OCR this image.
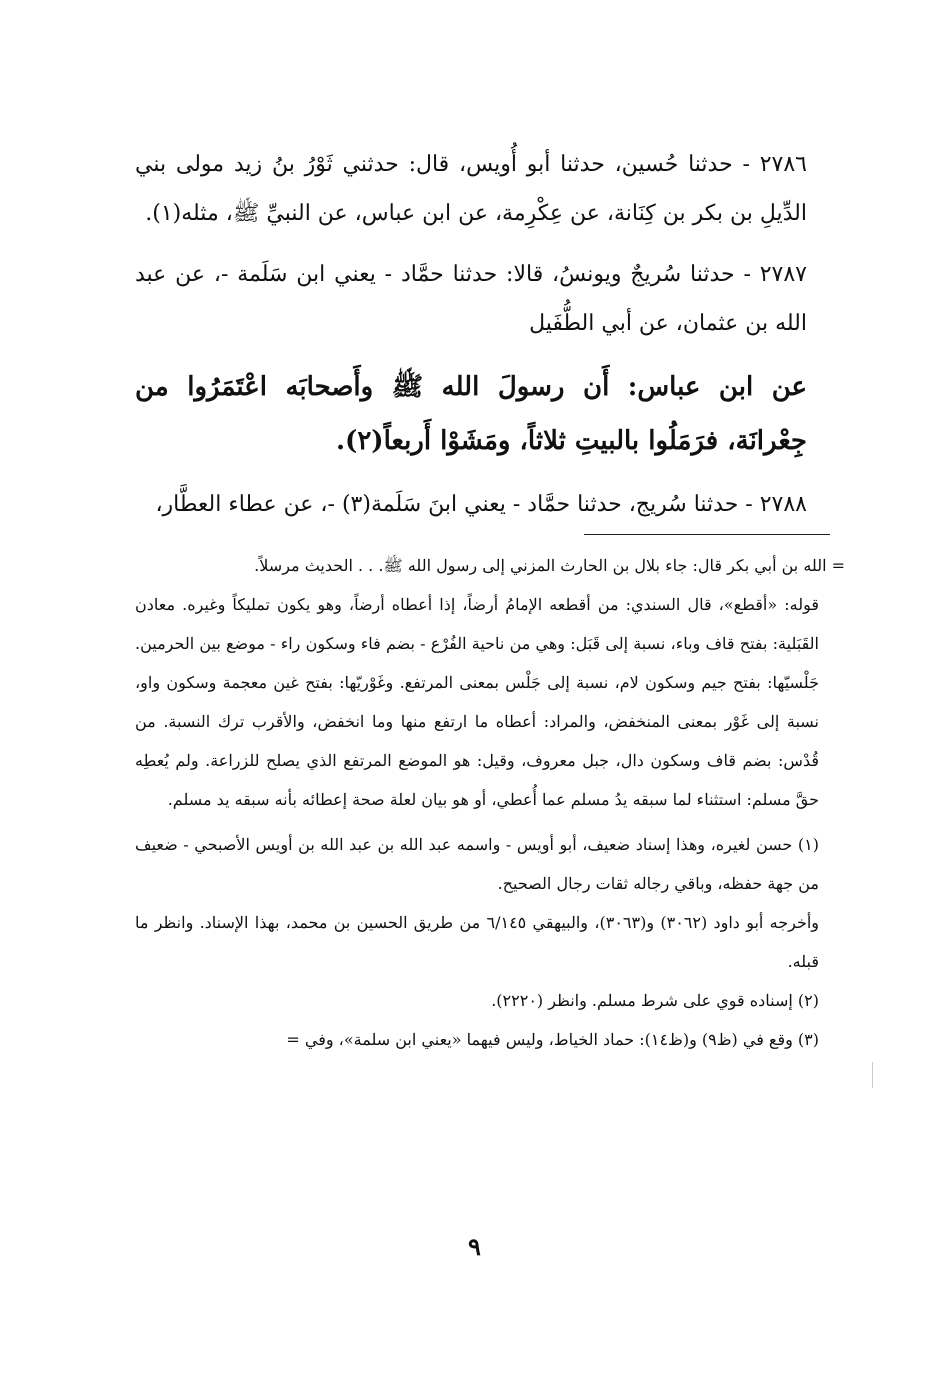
٢٧٨٦ - حدثنا حُسين، حدثنا أبو أُويس، قال: حدثني ثَوْرُ بنُ زيد مولى بني الدِّيلِ بن بكر بن كِنَانة، عن عِكْرِمة، عن ابن عباس، عن النبيِّ ﷺ، مثله(١).

٢٧٨٧ - حدثنا سُريجٌ ويونسُ، قالا: حدثنا حمَّاد - يعني ابن سَلَمة -، عن عبد الله بن عثمان، عن أبي الطُّفَيل

عن ابن عباس: أَن رسولَ الله ﷺ وأَصحابَه اعْتَمَرُوا من جِعْرانَة، فرَمَلُوا بالبيتِ ثلاثاً، ومَشَوْا أَربعاً(٢).

٢٧٨٨ - حدثنا سُريج، حدثنا حمَّاد - يعني ابنَ سَلَمة(٣) -، عن عطاء العطَّار،

= الله بن أبي بكر قال: جاء بلال بن الحارث المزني إلى رسول الله ﷺ. . . الحديث مرسلاً.

قوله: «أقطع»، قال السندي: من أقطعه الإمامُ أرضاً، إذا أعطاه أرضاً، وهو يكون تمليكاً وغيره. معادن القَبَلية: بفتح قاف وباء، نسبة إلى قَبَل: وهي من ناحية الفُرْع - بضم فاء وسكون راء - موضع بين الحرمين. جَلْسيّها: بفتح جيم وسكون لام، نسبة إلى جَلْس بمعنى المرتفع. وغَوْريّها: بفتح غين معجمة وسكون واو، نسبة إلى غَوْر بمعنى المنخفض، والمراد: أعطاه ما ارتفع منها وما انخفض، والأقرب ترك النسبة. من قُدْس: بضم قاف وسكون دال، جبل معروف، وقيل: هو الموضع المرتفع الذي يصلح للزراعة. ولم يُعطِه حقَّ مسلم: استثناء لما سبقه يدُ مسلم عما أُعطي، أو هو بيان لعلة صحة إعطائه بأنه سبقه يد مسلم.

(١) حسن لغيره، وهذا إسناد ضعيف، أبو أويس - واسمه عبد الله بن عبد الله بن أويس الأصبحي - ضعيف من جهة حفظه، وباقي رجاله ثقات رجال الصحيح.

وأخرجه أبو داود (٣٠٦٢) و(٣٠٦٣)، والبيهقي ٦/١٤٥ من طريق الحسين بن محمد، بهذا الإسناد. وانظر ما قبله.

(٢) إسناده قوي على شرط مسلم. وانظر (٢٢٢٠).

(٣) وقع في (ظ٩) و(ظ١٤): حماد الخياط، وليس فيهما «يعني ابن سلمة»، وفي =

٩
